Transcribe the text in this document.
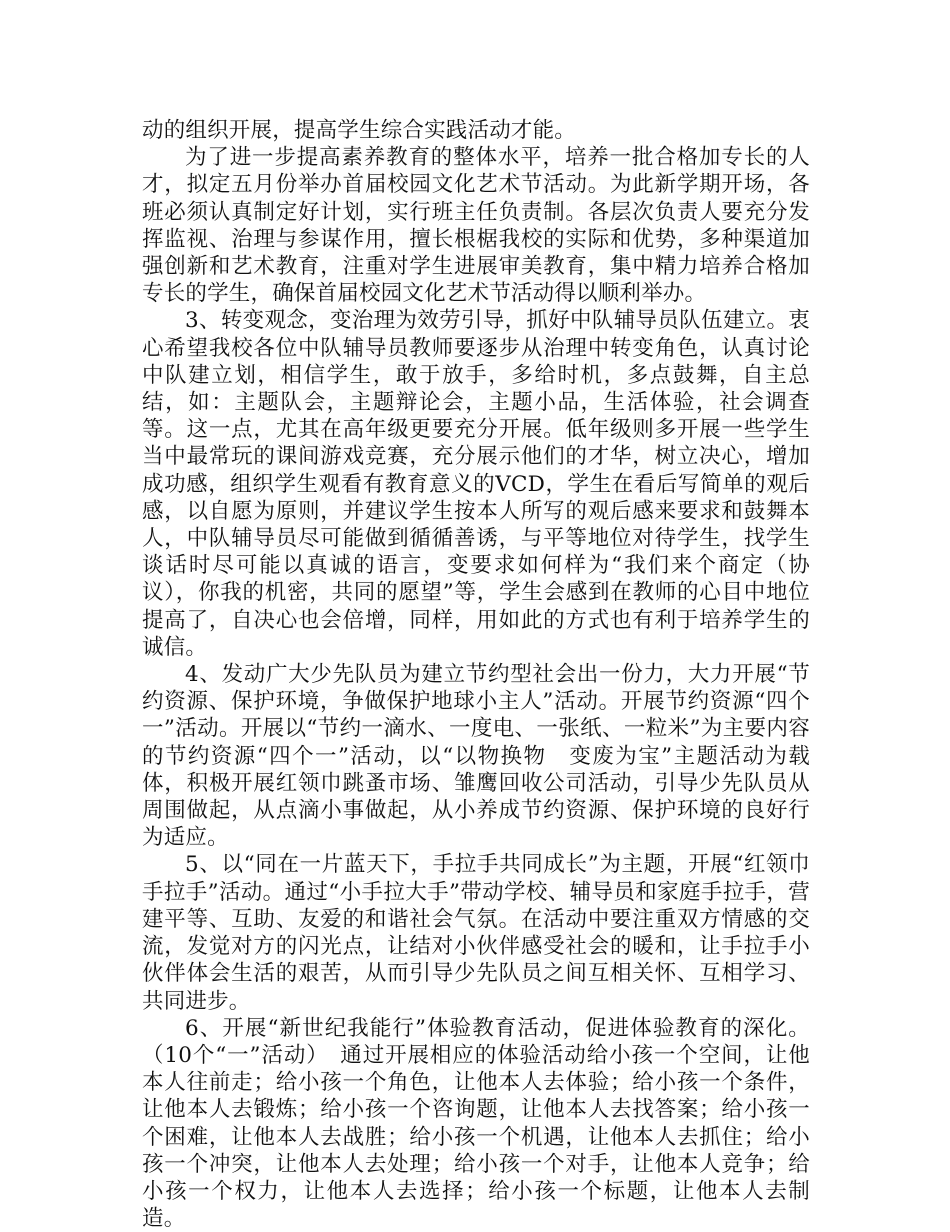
动的组织开展，提高学生综合实践活动才能。

为了进一步提高素养教育的整体水平，培养一批合格加专长的人才，拟定五月份举办首届校园文化艺术节活动。为此新学期开场，各班必须认真制定好计划，实行班主任负责制。各层次负责人要充分发挥监视、治理与参谋作用，擅长根椐我校的实际和优势，多种渠道加强创新和艺术教育，注重对学生进展审美教育，集中精力培养合格加专长的学生，确保首届校园文化艺术节活动得以顺利举办。

3、转变观念，变治理为效劳引导，抓好中队辅导员队伍建立。衷心希望我校各位中队辅导员教师要逐步从治理中转变角色，认真讨论中队建立划，相信学生，敢于放手，多给时机，多点鼓舞，自主总结，如：主题队会，主题辩论会，主题小品，生活体验，社会调查等。这一点，尤其在高年级更要充分开展。低年级则多开展一些学生当中最常玩的课间游戏竞赛，充分展示他们的才华，树立决心，增加成功感，组织学生观看有教育意义的VCD，学生在看后写简单的观后感，以自愿为原则，并建议学生按本人所写的观后感来要求和鼓舞本人，中队辅导员尽可能做到循循善诱，与平等地位对待学生，找学生谈话时尽可能以真诚的语言，变要求如何样为“我们来个商定（协议），你我的机密，共同的愿望”等，学生会感到在教师的心目中地位提高了，自决心也会倍增，同样，用如此的方式也有利于培养学生的诚信。

4、发动广大少先队员为建立节约型社会出一份力，大力开展“节约资源、保护环境，争做保护地球小主人”活动。开展节约资源“四个一”活动。开展以“节约一滴水、一度电、一张纸、一粒米”为主要内容的节约资源“四个一”活动，以“以物换物　变废为宝”主题活动为载体，积极开展红领巾跳蚤市场、雏鹰回收公司活动，引导少先队员从周围做起，从点滴小事做起，从小养成节约资源、保护环境的良好行为适应。

5、以“同在一片蓝天下，手拉手共同成长”为主题，开展“红领巾手拉手”活动。通过“小手拉大手”带动学校、辅导员和家庭手拉手，营建平等、互助、友爱的和谐社会气氛。在活动中要注重双方情感的交流，发觉对方的闪光点，让结对小伙伴感受社会的暖和，让手拉手小伙伴体会生活的艰苦，从而引导少先队员之间互相关怀、互相学习、共同进步。

6、开展“新世纪我能行”体验教育活动，促进体验教育的深化。（10个“一”活动）　通过开展相应的体验活动给小孩一个空间，让他本人往前走；给小孩一个角色，让他本人去体验；给小孩一个条件，让他本人去锻炼；给小孩一个咨询题，让他本人去找答案；给小孩一个困难，让他本人去战胜；给小孩一个机遇，让他本人去抓住；给小孩一个冲突，让他本人去处理；给小孩一个对手，让他本人竞争；给小孩一个权力，让他本人去选择；给小孩一个标题，让他本人去制造。
